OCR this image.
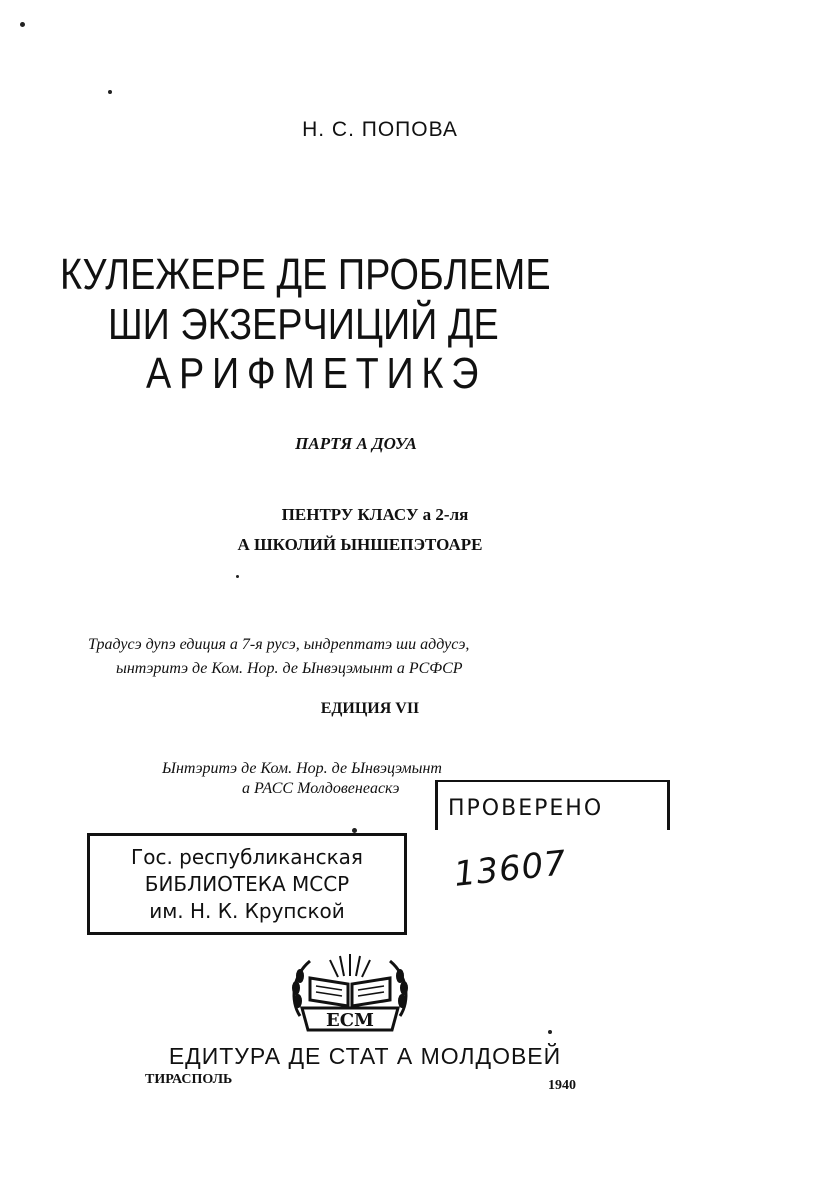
Н. С. ПОПОВА
КУЛЕЖЕРЕ ДЕ ПРОБЛЕМЕ
ШИ ЭКЗЕРЧИЦИЙ ДЕ
АРИФМЕТИКЭ
ПАРТЯ А ДОУА
ПЕНТРУ КЛАСУ а 2-ля
А ШКОЛИЙ ЫНШЕПЭТОАРЕ
Традусэ дупэ едиция а 7-я русэ, ындрептатэ ши аддусэ,
ынтэритэ де Ком. Нор. де Ынвэцэмынт а РСФСР
ЕДИЦИЯ VII
Ынтэритэ де Ком. Нор. де Ынвэцэмынт
а РАСС Молдовенеaскэ
ПРОВЕРЕНО
13607
Гос. республиканская
БИБЛИОТЕКА МССР
им. Н. К. Крупской
ЕСМ
ЕДИТУРА ДЕ СТАТ А МОЛДОВЕЙ
ТИРАСПОЛЬ	1940
